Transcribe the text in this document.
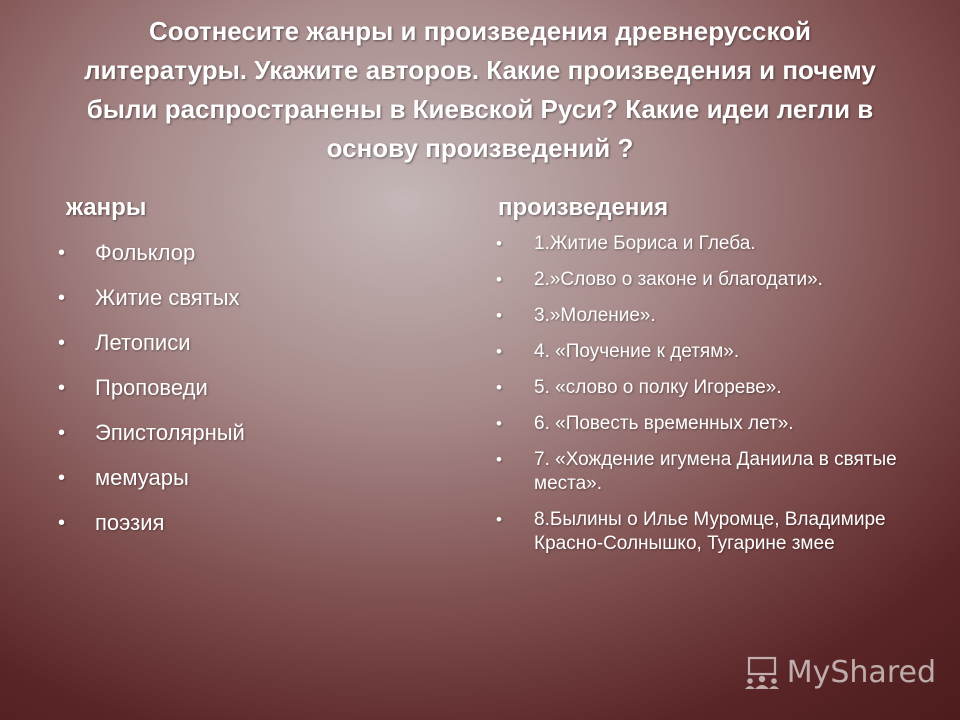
Соотнесите жанры и произведения древнерусской литературы. Укажите авторов. Какие произведения и почему были распространены в Киевской Руси? Какие идеи легли в основу произведений ?
жанры	произведения
• Фольклор
• Житие святых
• Летописи
• Проповеди
• Эпистолярный
• мемуары
• поэзия
• 1.Житие Бориса и Глеба.
• 2.»Слово о законе и благодати».
• 3.»Моление».
• 4. «Поучение к детям».
• 5. «слово о полку Игореве».
• 6. «Повесть временных лет».
• 7. «Хождение игумена Даниила в святые места».
• 8.Былины о Илье Муромце, Владимире Красно-Солнышко, Тугарине змее
MyShared
